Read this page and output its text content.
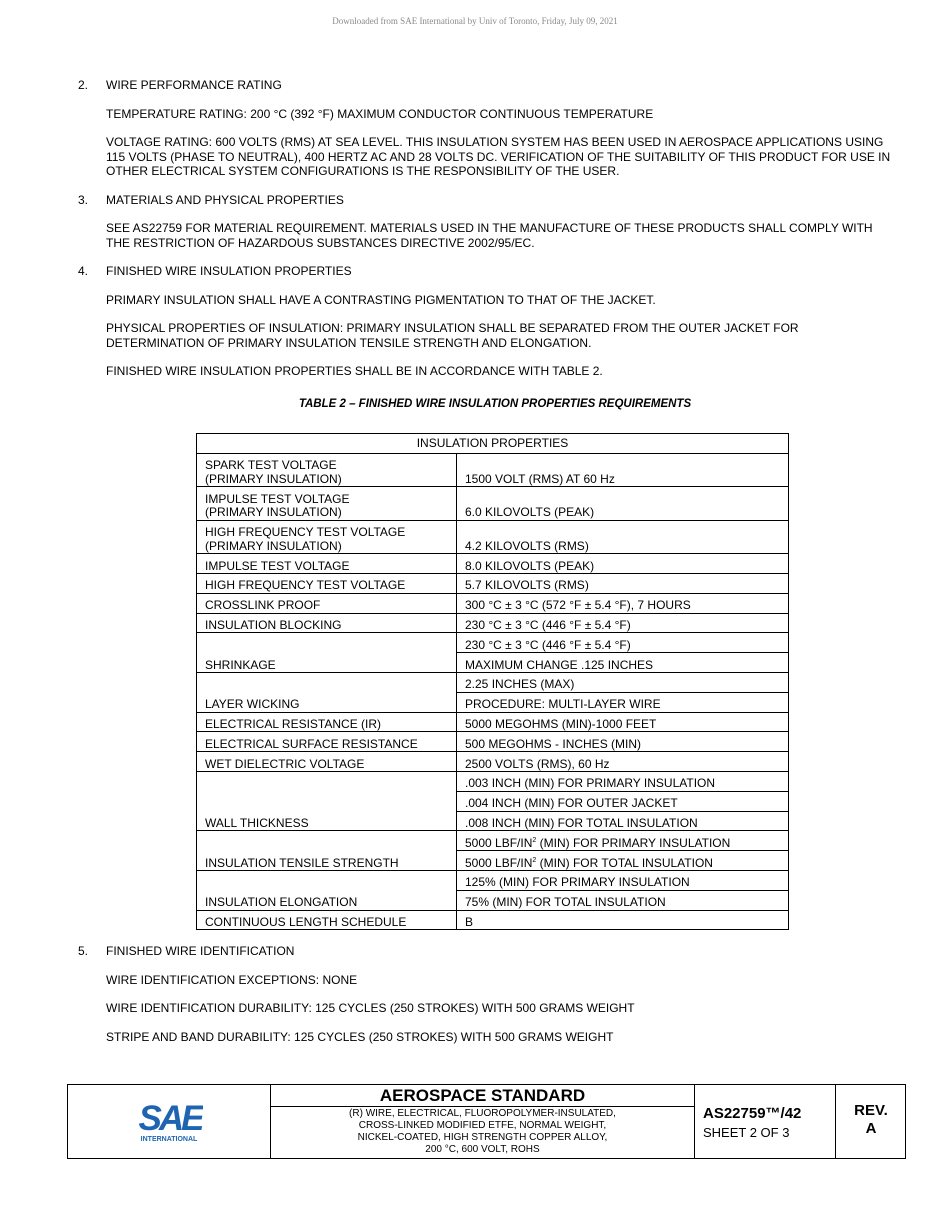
Downloaded from SAE International by Univ of Toronto, Friday, July 09, 2021
2. WIRE PERFORMANCE RATING
TEMPERATURE RATING: 200 °C (392 °F) MAXIMUM CONDUCTOR CONTINUOUS TEMPERATURE
VOLTAGE RATING: 600 VOLTS (RMS) AT SEA LEVEL. THIS INSULATION SYSTEM HAS BEEN USED IN AEROSPACE APPLICATIONS USING 115 VOLTS (PHASE TO NEUTRAL), 400 HERTZ AC AND 28 VOLTS DC. VERIFICATION OF THE SUITABILITY OF THIS PRODUCT FOR USE IN OTHER ELECTRICAL SYSTEM CONFIGURATIONS IS THE RESPONSIBILITY OF THE USER.
3. MATERIALS AND PHYSICAL PROPERTIES
SEE AS22759 FOR MATERIAL REQUIREMENT. MATERIALS USED IN THE MANUFACTURE OF THESE PRODUCTS SHALL COMPLY WITH THE RESTRICTION OF HAZARDOUS SUBSTANCES DIRECTIVE 2002/95/EC.
4. FINISHED WIRE INSULATION PROPERTIES
PRIMARY INSULATION SHALL HAVE A CONTRASTING PIGMENTATION TO THAT OF THE JACKET.
PHYSICAL PROPERTIES OF INSULATION: PRIMARY INSULATION SHALL BE SEPARATED FROM THE OUTER JACKET FOR DETERMINATION OF PRIMARY INSULATION TENSILE STRENGTH AND ELONGATION.
FINISHED WIRE INSULATION PROPERTIES SHALL BE IN ACCORDANCE WITH TABLE 2.
TABLE 2 – FINISHED WIRE INSULATION PROPERTIES REQUIREMENTS
INSULATION PROPERTIES	
SPARK TEST VOLTAGE
(PRIMARY INSULATION)	1500 VOLT (RMS) AT 60 Hz
IMPULSE TEST VOLTAGE
(PRIMARY INSULATION)	6.0 KILOVOLTS (PEAK)
HIGH FREQUENCY TEST VOLTAGE
(PRIMARY INSULATION)	4.2 KILOVOLTS (RMS)
IMPULSE TEST VOLTAGE	8.0 KILOVOLTS (PEAK)
HIGH FREQUENCY TEST VOLTAGE	5.7 KILOVOLTS (RMS)
CROSSLINK PROOF	300 °C ± 3 °C (572 °F ± 5.4 °F), 7 HOURS
INSULATION BLOCKING	230 °C ± 3 °C (446 °F ± 5.4 °F)
SHRINKAGE	230 °C ± 3 °C (446 °F ± 5.4 °F)
	MAXIMUM CHANGE .125 INCHES
LAYER WICKING	2.25 INCHES (MAX)
	PROCEDURE: MULTI-LAYER WIRE
ELECTRICAL RESISTANCE (IR)	5000 MEGOHMS (MIN)-1000 FEET
ELECTRICAL SURFACE RESISTANCE	500 MEGOHMS - INCHES (MIN)
WET DIELECTRIC VOLTAGE	2500 VOLTS (RMS), 60 Hz
WALL THICKNESS	.003 INCH (MIN) FOR PRIMARY INSULATION
	.004 INCH (MIN) FOR OUTER JACKET
	.008 INCH (MIN) FOR TOTAL INSULATION
INSULATION TENSILE STRENGTH	5000 LBF/$IN^2$ (MIN) FOR PRIMARY INSULATION
	5000 LBF/$IN^2$ (MIN) FOR TOTAL INSULATION
INSULATION ELONGATION	125% (MIN) FOR PRIMARY INSULATION
	75% (MIN) FOR TOTAL INSULATION
CONTINUOUS LENGTH SCHEDULE	B
5. FINISHED WIRE IDENTIFICATION
WIRE IDENTIFICATION EXCEPTIONS: NONE
WIRE IDENTIFICATION DURABILITY: 125 CYCLES (250 STROKES) WITH 500 GRAMS WEIGHT
STRIPE AND BAND DURABILITY: 125 CYCLES (250 STROKES) WITH 500 GRAMS WEIGHT
SAE
INTERNATIONAL
AEROSPACE STANDARD
(R) WIRE, ELECTRICAL, FLUOROPOLYMER-INSULATED,
CROSS-LINKED MODIFIED ETFE, NORMAL WEIGHT,
NICKEL-COATED, HIGH STRENGTH COPPER ALLOY,
200 °C, 600 VOLT, ROHS
AS22759™/42
SHEET 2 OF 3
REV.
A
